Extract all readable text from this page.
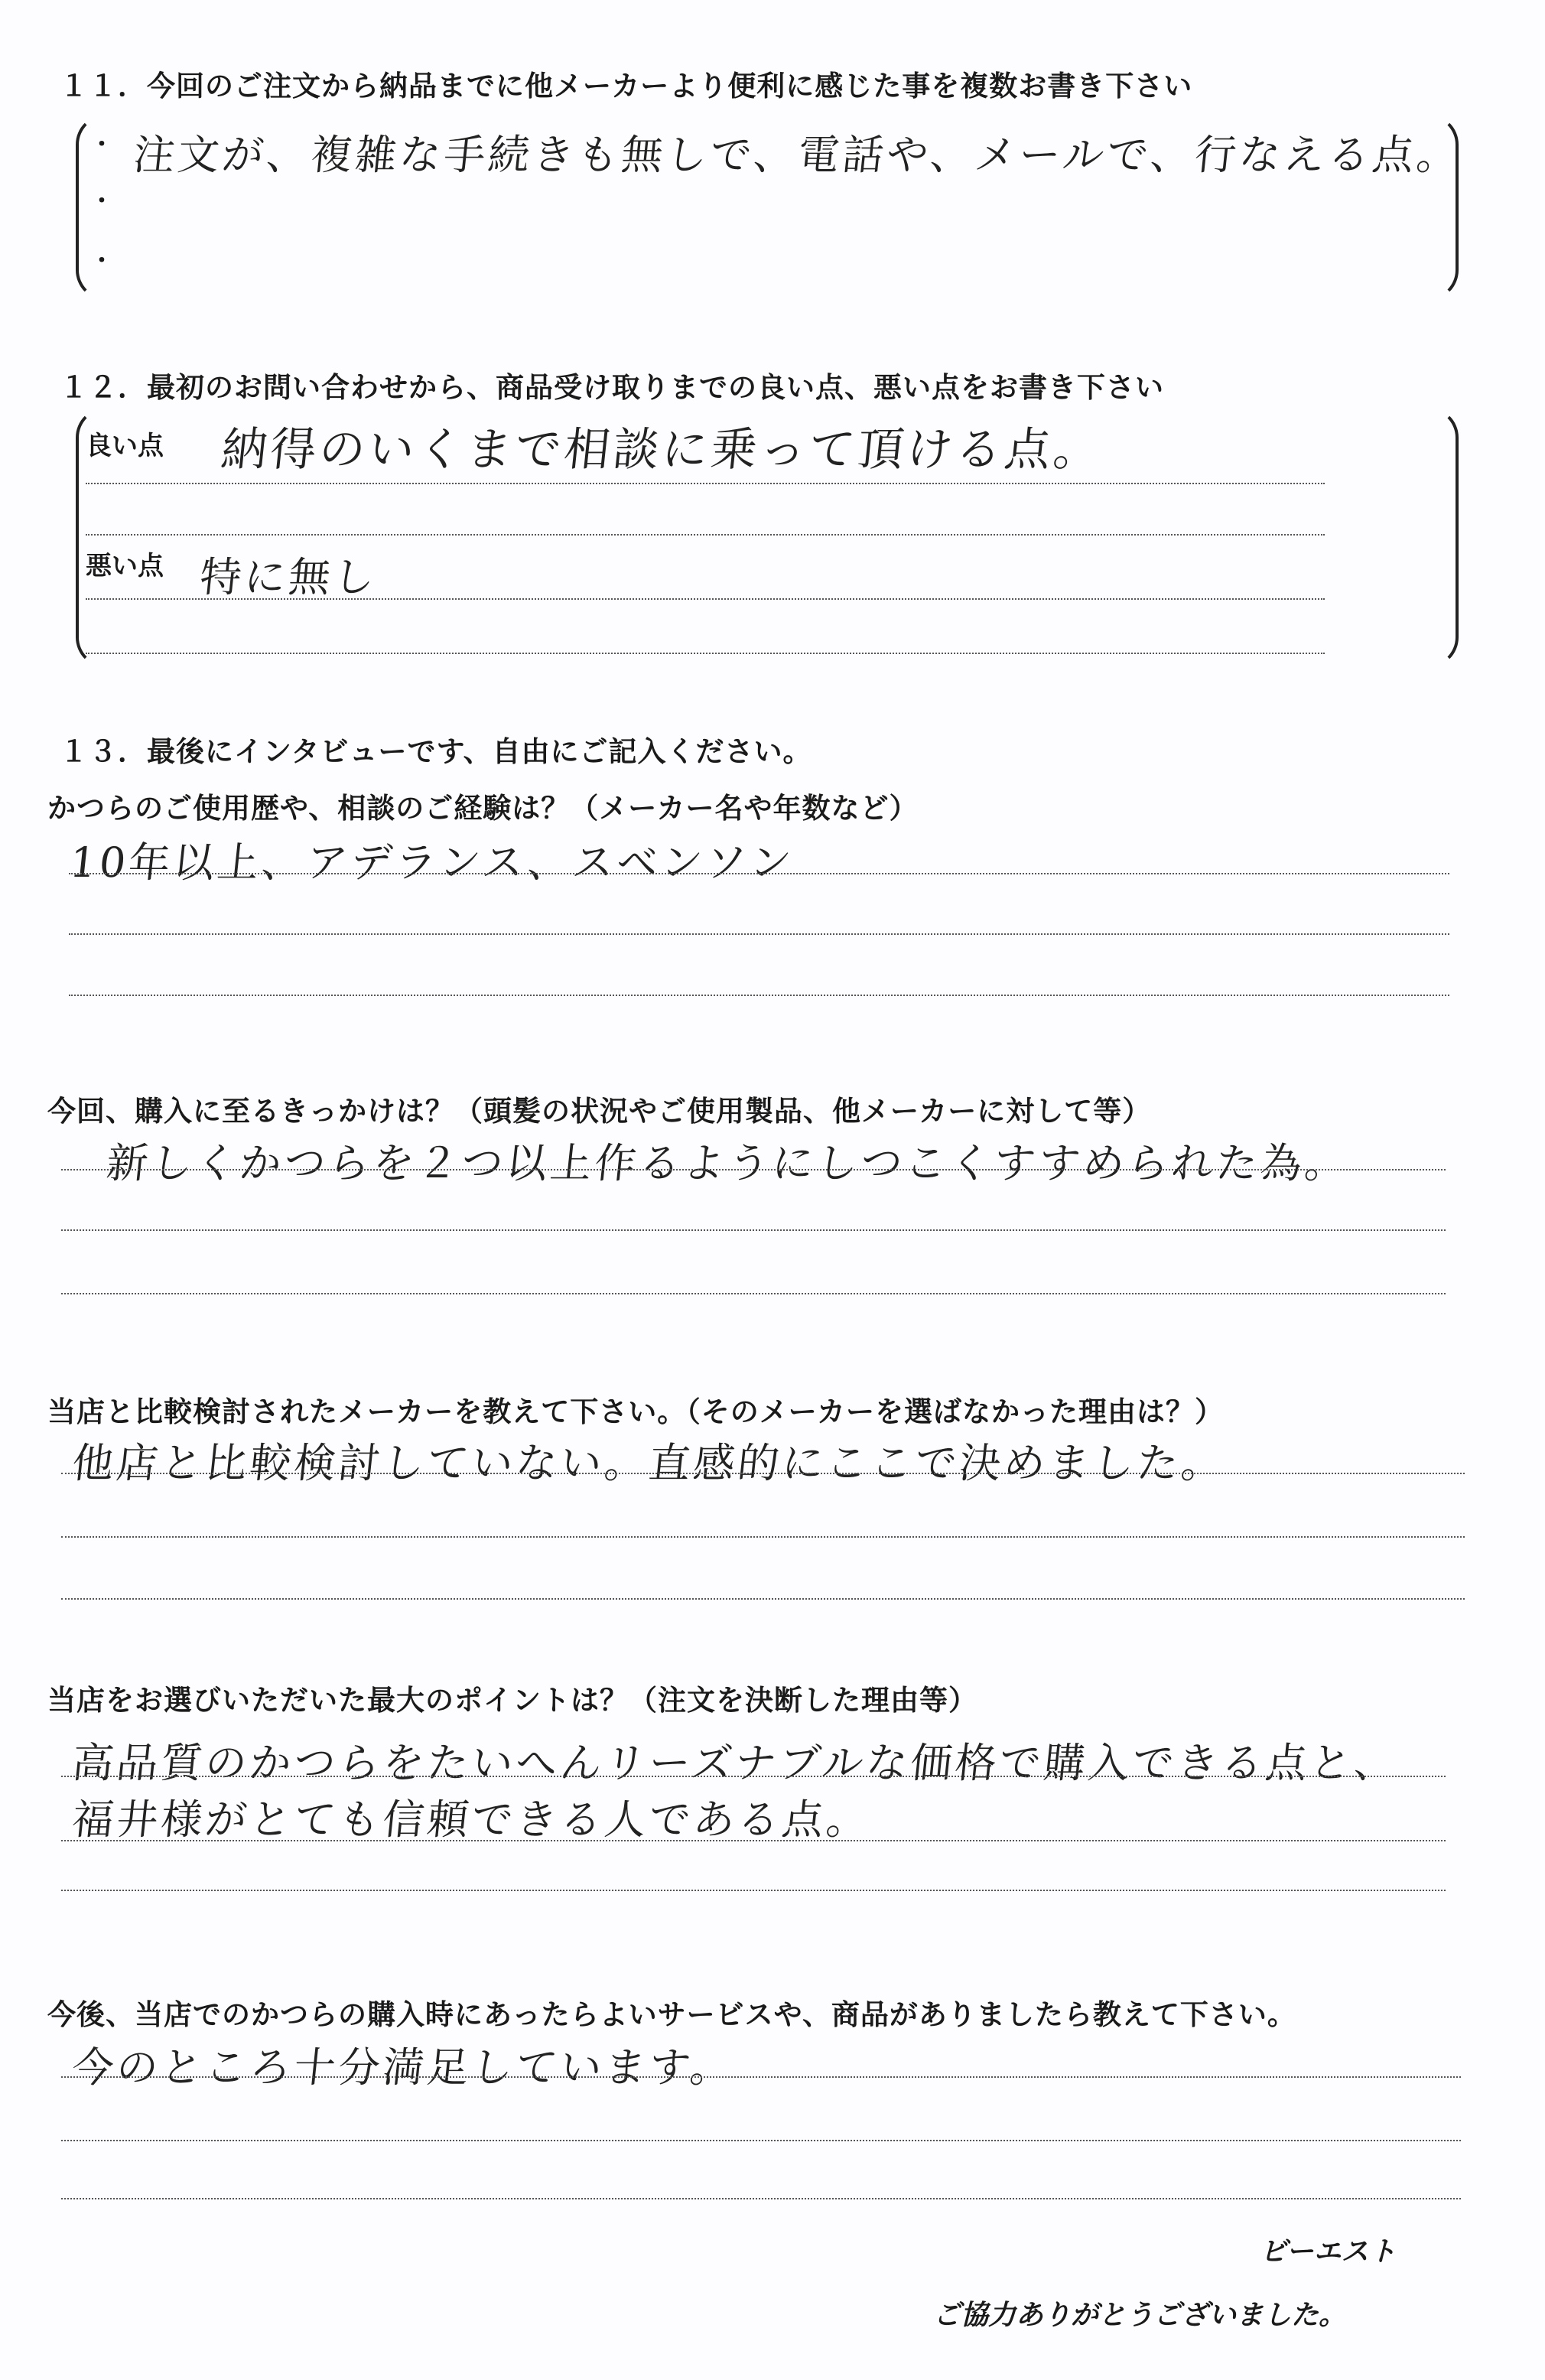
１１．今回のご注文から納品までに他メーカーより便利に感じた事を複数お書き下さい
・
・
・
注文が、複雑な手続きも無しで、電話や、メールで、行なえる点。
１２．最初のお問い合わせから、商品受け取りまでの良い点、悪い点をお書き下さい
良い点 納得のいくまで相談に乗って頂ける点。
悪い点 特に無し
１３．最後にインタビューです、自由にご記入ください。
かつらのご使用歴や、相談のご経験は？（メーカー名や年数など）
10年以上、アデランス、スベンソン
今回、購入に至るきっかけは？（頭髪の状況やご使用製品、他メーカーに対して等）
新しくかつらを２つ以上作るようにしつこくすすめられた為。
当店と比較検討されたメーカーを教えて下さい。（そのメーカーを選ばなかった理由は？）
他店と比較検討していない。直感的にここで決めました。
当店をお選びいただいた最大のポイントは？（注文を決断した理由等）
高品質のかつらをたいへんリーズナブルな価格で購入できる点と、
福井様がとても信頼できる人である点。
今後、当店でのかつらの購入時にあったらよいサービスや、商品がありましたら教えて下さい。
今のところ十分満足しています。
ビーエスト
ご協力ありがとうございました。
